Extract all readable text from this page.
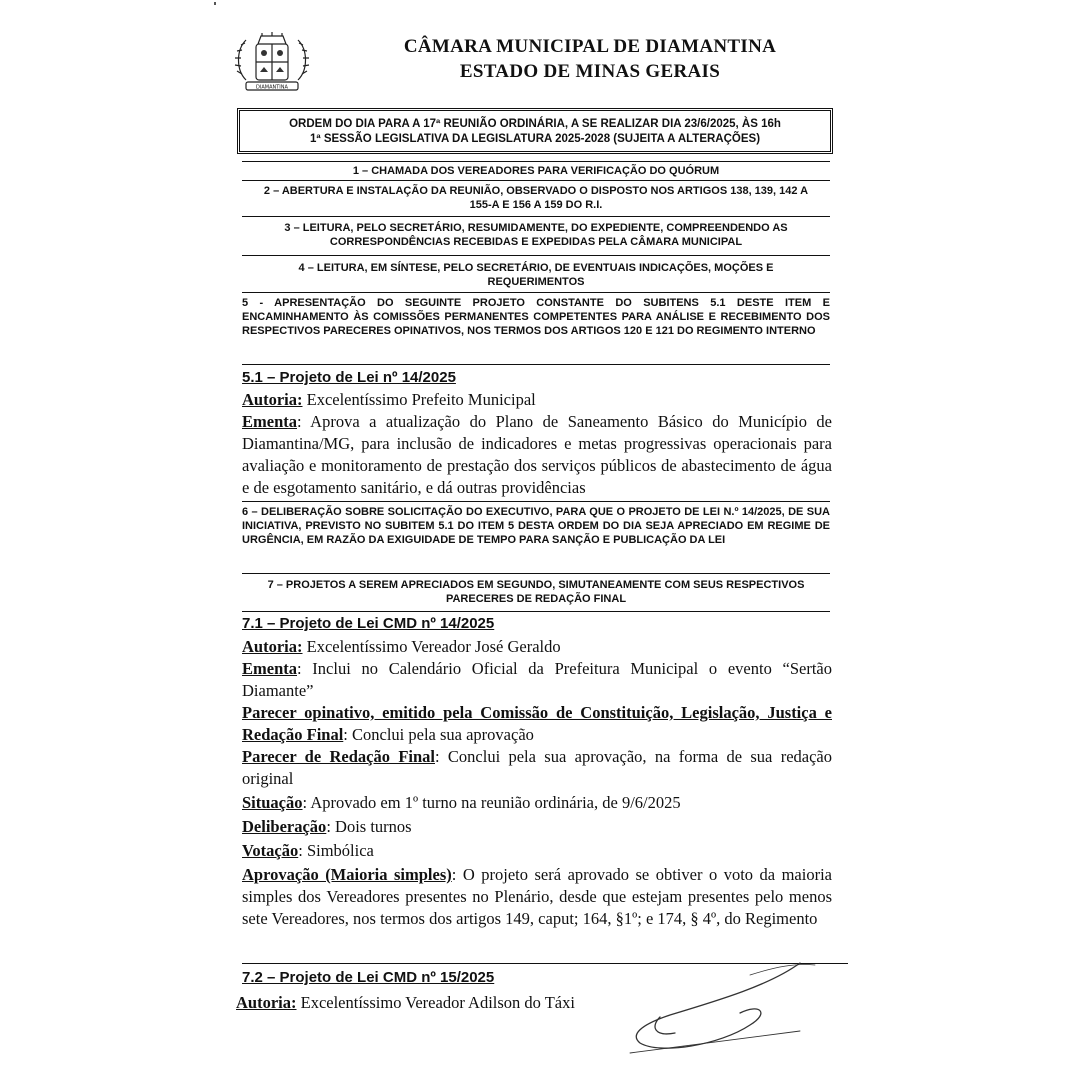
DIAMANTINA
CÂMARA MUNICIPAL DE DIAMANTINA
ESTADO DE MINAS GERAIS
ORDEM DO DIA PARA A 17ª REUNIÃO ORDINÁRIA, A SE REALIZAR DIA 23/6/2025, ÀS 16h
1ª SESSÃO LEGISLATIVA DA LEGISLATURA 2025-2028 (SUJEITA A ALTERAÇÕES)
1 – CHAMADA DOS VEREADORES PARA VERIFICAÇÃO DO QUÓRUM
2 – ABERTURA E INSTALAÇÃO DA REUNIÃO, OBSERVADO O DISPOSTO NOS ARTIGOS 138, 139, 142 A
155-A E 156 A 159 DO R.I.
3 – LEITURA, PELO SECRETÁRIO, RESUMIDAMENTE, DO EXPEDIENTE, COMPREENDENDO AS
CORRESPONDÊNCIAS RECEBIDAS E EXPEDIDAS PELA CÂMARA MUNICIPAL
4 – LEITURA, EM SÍNTESE, PELO SECRETÁRIO, DE EVENTUAIS INDICAÇÕES, MOÇÕES E
REQUERIMENTOS
5 - APRESENTAÇÃO DO SEGUINTE PROJETO CONSTANTE DO SUBITENS 5.1 DESTE ITEM E ENCAMINHAMENTO ÀS COMISSÕES PERMANENTES COMPETENTES PARA ANÁLISE E RECEBIMENTO DOS RESPECTIVOS PARECERES OPINATIVOS, NOS TERMOS DOS ARTIGOS 120 E 121 DO REGIMENTO INTERNO
5.1 – Projeto de Lei nº 14/2025
Autoria: Excelentíssimo Prefeito Municipal
Ementa: Aprova a atualização do Plano de Saneamento Básico do Município de Diamantina/MG, para inclusão de indicadores e metas progressivas operacionais para avaliação e monitoramento de prestação dos serviços públicos de abastecimento de água e de esgotamento sanitário, e dá outras providências
6 – DELIBERAÇÃO SOBRE SOLICITAÇÃO DO EXECUTIVO, PARA QUE O PROJETO DE LEI N.º 14/2025, DE SUA INICIATIVA, PREVISTO NO SUBITEM 5.1 DO ITEM 5 DESTA ORDEM DO DIA SEJA APRECIADO EM REGIME DE URGÊNCIA, EM RAZÃO DA EXIGUIDADE DE TEMPO PARA SANÇÃO E PUBLICAÇÃO DA LEI
7 – PROJETOS A SEREM APRECIADOS EM SEGUNDO, SIMUTANEAMENTE COM SEUS RESPECTIVOS
PARECERES DE REDAÇÃO FINAL
7.1 – Projeto de Lei CMD nº 14/2025
Autoria: Excelentíssimo Vereador José Geraldo
Ementa: Inclui no Calendário Oficial da Prefeitura Municipal o evento “Sertão Diamante”
Parecer opinativo, emitido pela Comissão de Constituição, Legislação, Justiça e Redação Final: Conclui pela sua aprovação
Parecer de Redação Final: Conclui pela sua aprovação, na forma de sua redação original
Situação: Aprovado em 1º turno na reunião ordinária, de 9/6/2025
Deliberação: Dois turnos
Votação: Simbólica
Aprovação (Maioria simples): O projeto será aprovado se obtiver o voto da maioria simples dos Vereadores presentes no Plenário, desde que estejam presentes pelo menos sete Vereadores, nos termos dos artigos 149, caput; 164, §1º; e 174, § 4º, do Regimento
7.2 – Projeto de Lei CMD nº 15/2025
Autoria: Excelentíssimo Vereador Adilson do Táxi
